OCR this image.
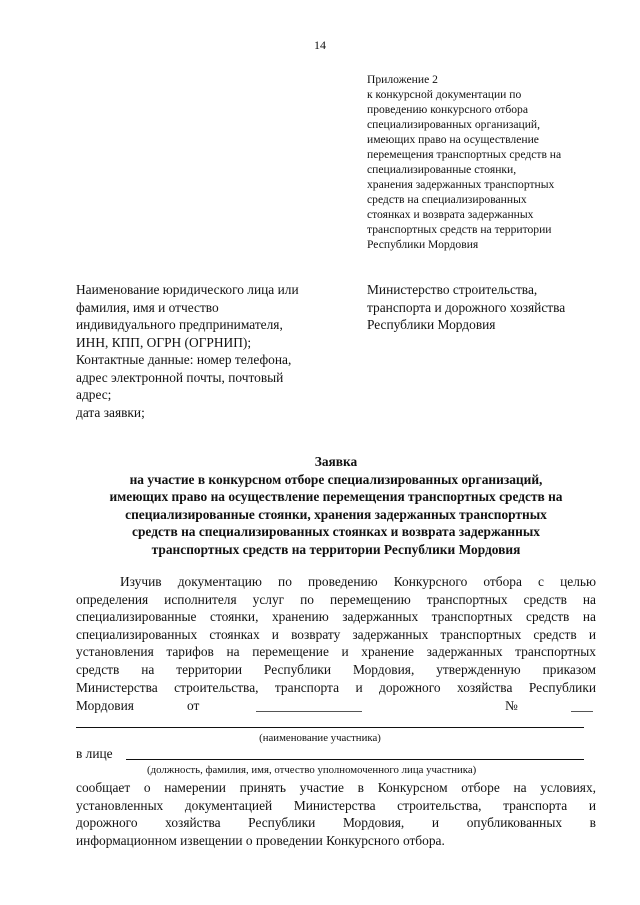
14
Приложение 2
к конкурсной документации по
проведению конкурсного отбора
специализированных организаций,
имеющих право на осуществление
перемещения транспортных средств на
специализированные стоянки,
хранения задержанных транспортных
средств на специализированных
стоянках и возврата задержанных
транспортных средств на территории
Республики Мордовия
Наименование юридического лица или
фамилия, имя и отчество
индивидуального предпринимателя,
ИНН, КПП, ОГРН (ОГРНИП);
Контактные данные: номер телефона,
адрес электронной почты, почтовый
адрес;
дата заявки;
Министерство строительства,
транспорта и дорожного хозяйства
Республики Мордовия
Заявка
на участие в конкурсном отборе специализированных организаций,
имеющих право на осуществление перемещения транспортных средств на
специализированные стоянки, хранения задержанных транспортных
средств на специализированных стоянках и возврата задержанных
транспортных средств на территории Республики Мордовия
Изучив документацию по проведению Конкурсного отбора с целью
определения исполнителя услуг по перемещению транспортных средств на
специализированные стоянки, хранению задержанных транспортных средств на
специализированных стоянках и возврату задержанных транспортных средств и
установления тарифов на перемещение и хранение задержанных транспортных
средств на территории Республики Мордовия, утвержденную приказом
Министерства строительства, транспорта и дорожного хозяйства Республики
Мордовия	от	№
(наименование участника)
в лице
(должность, фамилия, имя, отчество уполномоченного лица участника)
сообщает о намерении принять участие в Конкурсном отборе на условиях,
установленных документацией Министерства строительства, транспорта и
дорожного хозяйства Республики Мордовия, и опубликованных в
информационном извещении о проведении Конкурсного отбора.
